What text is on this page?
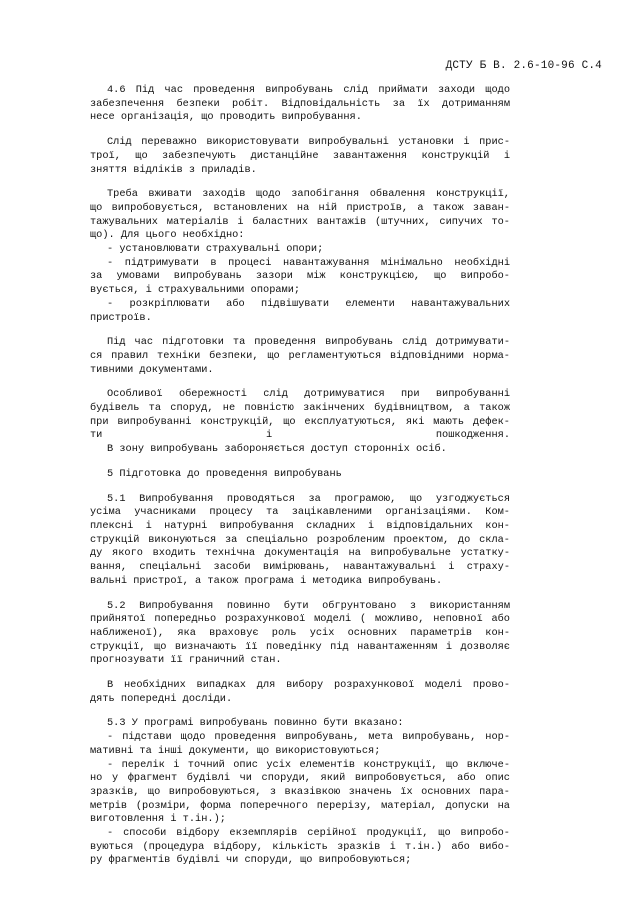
ДСТУ Б В. 2.6-10-96 С.4
4.6 Під час проведення випробувань слід приймати заходи щодо
забезпечення безпеки робіт. Відповідальність за їх дотриманням
несе організація, що проводить випробування.
Слід переважно використовувати випробувальні установки і прис-
трої, що забезпечують дистанційне завантаження конструкцій і
зняття відліків з приладів.
Треба вживати заходів щодо запобігання обвалення конструкції,
що випробовується, встановлених на ній пристроїв, а також заван-
тажувальних матеріалів і баластних вантажів (штучних, сипучих то-
що). Для цього необхідно:
- установлювати страхувальні опори;
- підтримувати в процесі навантажування мінімально необхідні
за умовами випробувань зазори між конструкцією, що випробо-
вується, і страхувальними опорами;
- розкріплювати або підвішувати елементи навантажувальних
пристроїв.
Під час підготовки та проведення випробувань слід дотримувати-
ся правил техніки безпеки, що регламентуються відповідними норма-
тивними документами.
Особливої обережності слід дотримуватися при випробуванні
будівель та споруд, не повністю закінчених будівництвом, а також
при випробуванні конструкцій, що експлуатуються, які мають дефек-
ти і пошкодження.
В зону випробувань забороняється доступ сторонніх осіб.
5 Підготовка до проведення випробувань
5.1 Випробування проводяться за програмою, що узгоджується
усіма учасниками процесу та зацікавленими організаціями. Ком-
плексні і натурні випробування складних і відповідальних кон-
струкцій виконуються за спеціально розробленим проектом, до скла-
ду якого входить технічна документація на випробувальне устатку-
вання, спеціальні засоби вимірювань, навантажувальні і страху-
вальні пристрої, а також програма і методика випробувань.
5.2 Випробування повинно бути обгрунтовано з використанням
прийнятої попередньо розрахункової моделі ( можливо, неповної або
наближеної), яка враховує роль усіх основних параметрів кон-
струкції, що визначають її поведінку під навантаженням і дозволяє
прогнозувати її граничний стан.
В необхідних випадках для вибору розрахункової моделі прово-
дять попередні досліди.
5.3 У програмі випробувань повинно бути вказано:
- підстави щодо проведення випробувань, мета випробувань, нор-
мативні та інші документи, що використовуються;
- перелік і точний опис усіх елементів конструкції, що включе-
но у фрагмент будівлі чи споруди, який випробовується, або опис
зразків, що випробовуються, з вказівкою значень їх основних пара-
метрів (розміри, форма поперечного перерізу, матеріал, допуски на
виготовлення і т.ін.);
- способи відбору екземплярів серійної продукції, що випробо-
вуються (процедура відбору, кількість зразків і т.ін.) або вибо-
ру фрагментів будівлі чи споруди, що випробовуються;
